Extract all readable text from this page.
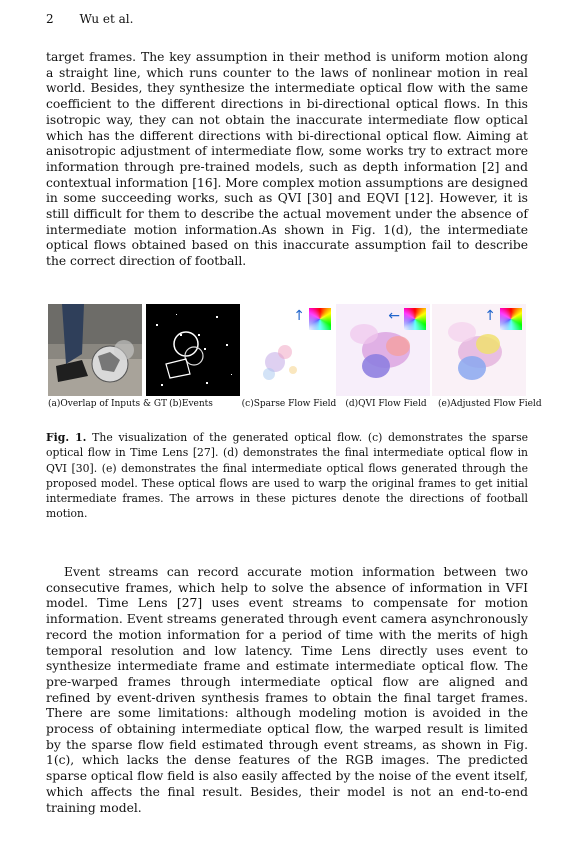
2 Wu et al.
target frames. The key assumption in their method is uniform motion along a straight line, which runs counter to the laws of nonlinear motion in real world. Besides, they synthesize the intermediate optical flow with the same coefficient to the different directions in bi-directional optical flows. In this isotropic way, they can not obtain the inaccurate intermediate flow optical which has the different directions with bi-directional optical flow. Aiming at anisotropic adjustment of intermediate flow, some works try to extract more information through pre-trained models, such as depth information [2] and contextual information [16]. More complex motion assumptions are designed in some succeeding works, such as QVI [30] and EQVI [12]. However, it is still difficult for them to describe the actual movement under the absence of intermediate motion information.As shown in Fig. 1(d), the intermediate optical flows obtained based on this inaccurate assumption fail to describe the correct direction of football.
↑	←	↑
(a)Overlap of Inputs & GT (b)Events	(c)Sparse Flow Field	(d)QVI Flow Field	(e)Adjusted Flow Field
Fig. 1. The visualization of the generated optical flow. (c) demonstrates the sparse optical flow in Time Lens [27]. (d) demonstrates the final intermediate optical flow in QVI [30]. (e) demonstrates the final intermediate optical flows generated through the proposed model. These optical flows are used to warp the original frames to get initial intermediate frames. The arrows in these pictures denote the directions of football motion.
Event streams can record accurate motion information between two consecutive frames, which help to solve the absence of information in VFI model. Time Lens [27] uses event streams to compensate for motion information. Event streams generated through event camera asynchronously record the motion information for a period of time with the merits of high temporal resolution and low latency. Time Lens directly uses event to synthesize intermediate frame and estimate intermediate optical flow. The pre-warped frames through intermediate optical flow are aligned and refined by event-driven synthesis frames to obtain the final target frames. There are some limitations: although modeling motion is avoided in the process of obtaining intermediate optical flow, the warped result is limited by the sparse flow field estimated through event streams, as shown in Fig. 1(c), which lacks the dense features of the RGB images. The predicted sparse optical flow field is also easily affected by the noise of the event itself, which affects the final result. Besides, their model is not an end-to-end training model.
